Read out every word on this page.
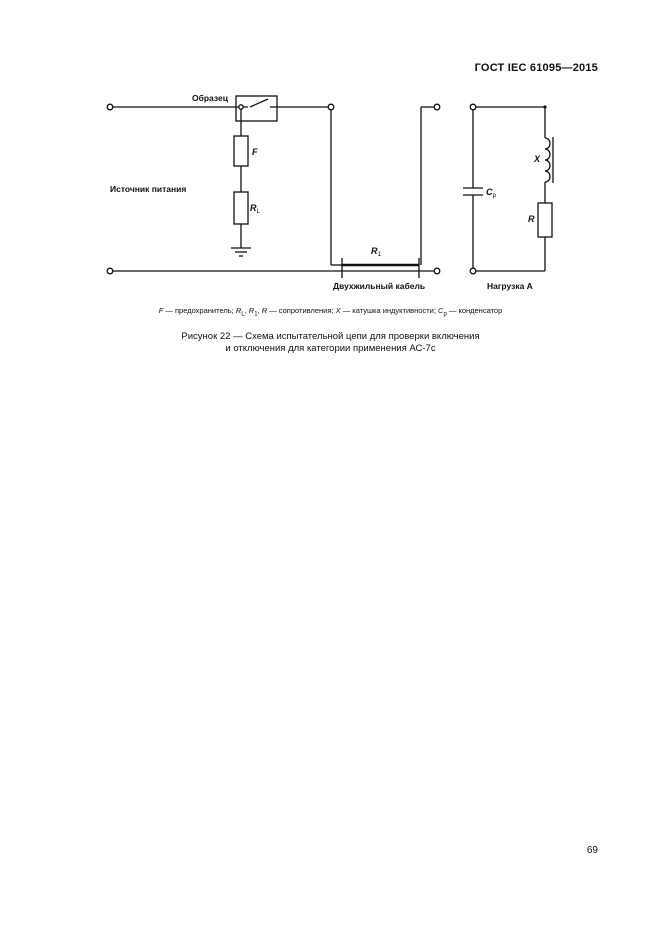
ГОСТ IEC 61095—2015
Образец
Источник питания
Двухжильный кабель	Нагрузка А
F
$R_L$
$R_1$
X
$C_p$
R
F — предохранитель; $R_L$, $R_1$, R — сопротивления; X — катушка индуктивности; $C_p$ — конденсатор
Рисунок 22 — Схема испытательной цепи для проверки включения
и отключения для категории применения АС-7с
69
